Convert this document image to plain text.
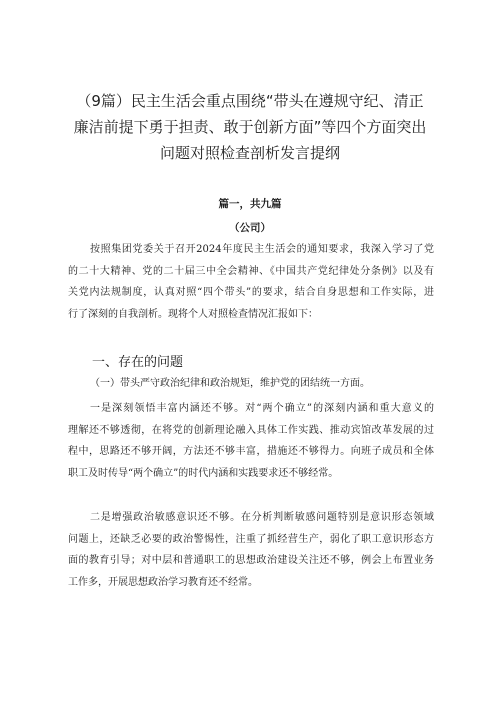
（9篇）民主生活会重点围绕“带头在遵规守纪、清正
廉洁前提下勇于担责、敢于创新方面”等四个方面突出
问题对照检查剖析发言提纲
篇一，共九篇
（公司）
按照集团党委关于召开2024年度民主生活会的通知要求，我深入学习了党
的二十大精神、党的二十届三中全会精神、《中国共产党纪律处分条例》以及有
关党内法规制度，认真对照“四个带头”的要求，结合自身思想和工作实际，进
行了深刻的自我剖析。现将个人对照检查情况汇报如下：
一、存在的问题
（一）带头严守政治纪律和政治规矩，维护党的团结统一方面。
一是深刻领悟丰富内涵还不够。对“两个确立”的深刻内涵和重大意义的
理解还不够透彻，在将党的创新理论融入具体工作实践、推动宾馆改革发展的过
程中，思路还不够开阔，方法还不够丰富，措施还不够得力。向班子成员和全体
职工及时传导“两个确立”的时代内涵和实践要求还不够经常。
二是增强政治敏感意识还不够。在分析判断敏感问题特别是意识形态领域
问题上，还缺乏必要的政治警惕性，注重了抓经营生产，弱化了职工意识形态方
面的教育引导；对中层和普通职工的思想政治建设关注还不够，例会上布置业务
工作多，开展思想政治学习教育还不经常。
